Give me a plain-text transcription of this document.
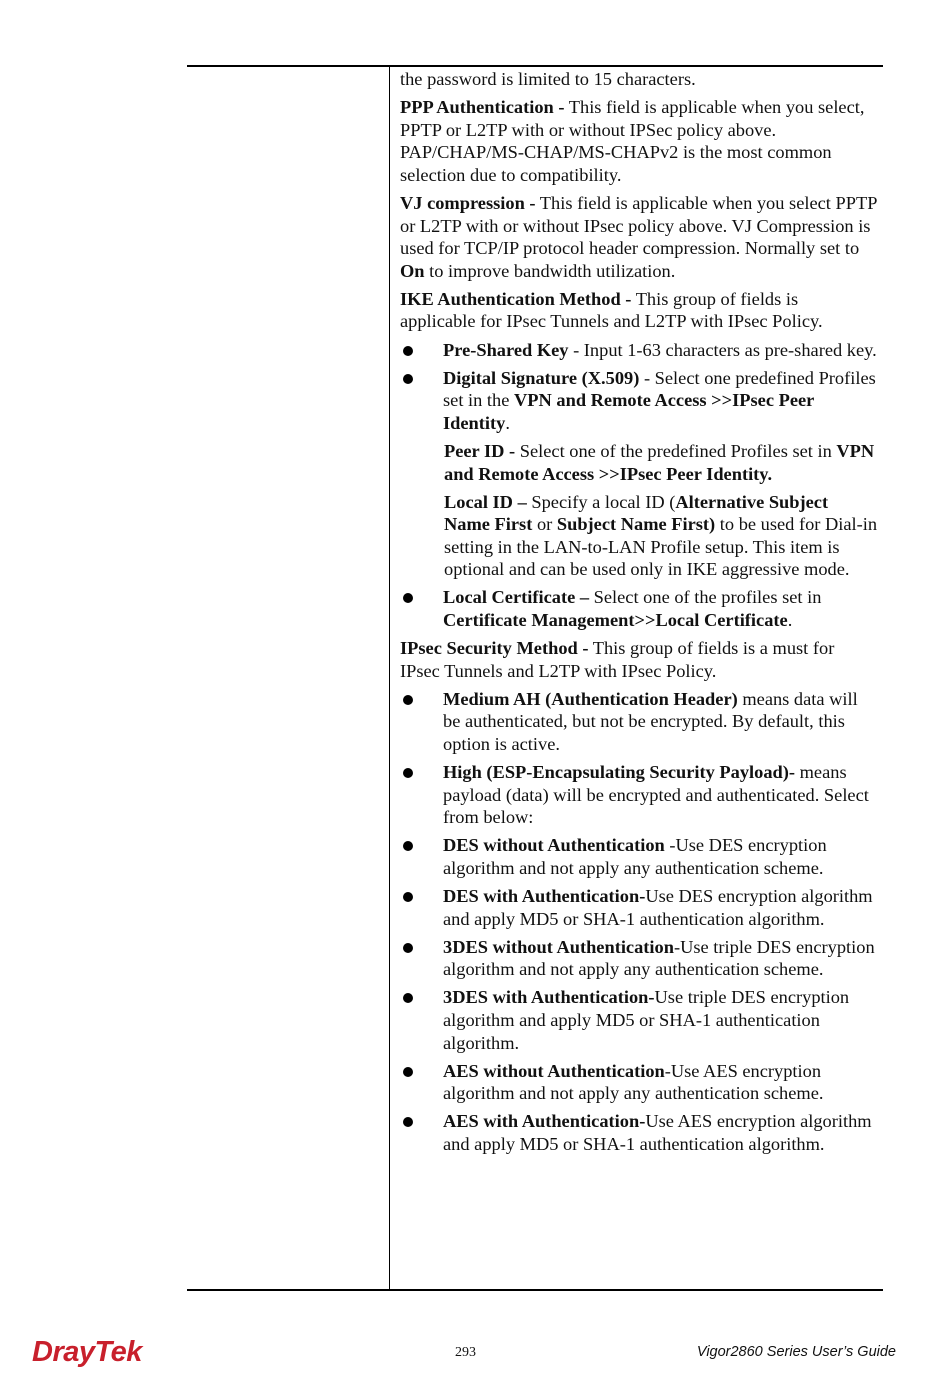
the password is limited to 15 characters.

PPP Authentication - This field is applicable when you select, PPTP or L2TP with or without IPSec policy above. PAP/CHAP/MS-CHAP/MS-CHAPv2 is the most common selection due to compatibility.

VJ compression - This field is applicable when you select PPTP or L2TP with or without IPsec policy above. VJ Compression is used for TCP/IP protocol header compression. Normally set to On to improve bandwidth utilization.

IKE Authentication Method - This group of fields is applicable for IPsec Tunnels and L2TP with IPsec Policy.

Pre-Shared Key - Input 1-63 characters as pre-shared key.
Digital Signature (X.509) - Select one predefined Profiles set in the VPN and Remote Access >>IPsec Peer Identity.

Peer ID - Select one of the predefined Profiles set in VPN and Remote Access >>IPsec Peer Identity.

Local ID – Specify a local ID (Alternative Subject Name First or Subject Name First) to be used for Dial-in setting in the LAN-to-LAN Profile setup. This item is optional and can be used only in IKE aggressive mode.

Local Certificate – Select one of the profiles set in Certificate Management>>Local Certificate.

IPsec Security Method - This group of fields is a must for IPsec Tunnels and L2TP with IPsec Policy.

Medium AH (Authentication Header) means data will be authenticated, but not be encrypted. By default, this option is active.
High (ESP-Encapsulating Security Payload)- means payload (data) will be encrypted and authenticated. Select from below:
DES without Authentication -Use DES encryption algorithm and not apply any authentication scheme.
DES with Authentication-Use DES encryption algorithm and apply MD5 or SHA-1 authentication algorithm.
3DES without Authentication-Use triple DES encryption algorithm and not apply any authentication scheme.
3DES with Authentication-Use triple DES encryption algorithm and apply MD5 or SHA-1 authentication algorithm.
AES without Authentication-Use AES encryption algorithm and not apply any authentication scheme.
AES with Authentication-Use AES encryption algorithm and apply MD5 or SHA-1 authentication algorithm.
DrayTek	293	Vigor2860 Series User’s Guide
